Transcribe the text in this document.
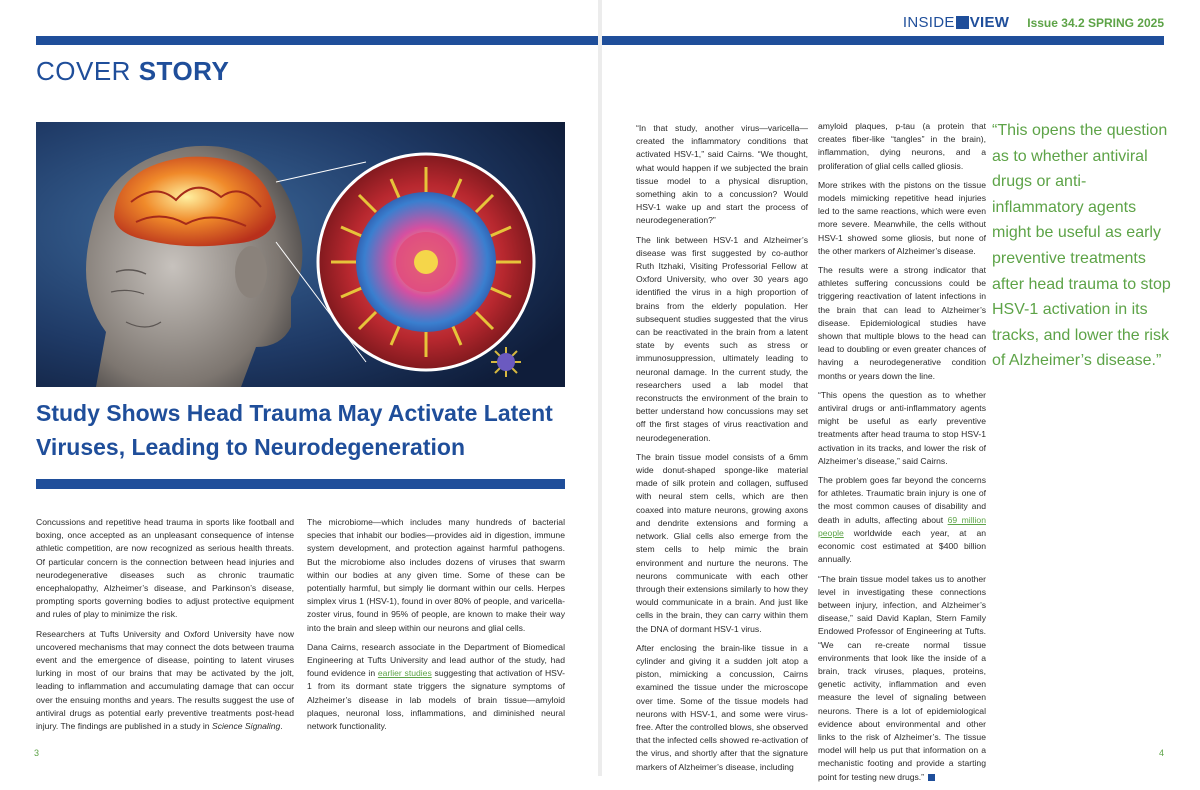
COVER STORY
Study Shows Head Trauma May Activate Latent Viruses, Leading to Neurodegeneration

Concussions and repetitive head trauma in sports like football and boxing, once accepted as an unpleasant consequence of intense athletic competition, are now recognized as serious health threats. Of particular concern is the connection between head injuries and neurodegenerative diseases such as chronic traumatic encephalopathy, Alzheimer’s disease, and Parkinson’s disease, prompting sports governing bodies to adjust protective equipment and rules of play to minimize the risk.

Researchers at Tufts University and Oxford University have now uncovered mechanisms that may connect the dots between trauma event and the emergence of disease, pointing to latent viruses lurking in most of our brains that may be activated by the jolt, leading to inflammation and accumulating damage that can occur over the ensuing months and years. The results suggest the use of antiviral drugs as potential early preventive treatments post-head injury. The findings are published in a study in Science Signaling.

The microbiome—which includes many hundreds of bacterial species that inhabit our bodies—provides aid in digestion, immune system development, and protection against harmful pathogens. But the microbiome also includes dozens of viruses that swarm within our bodies at any given time. Some of these can be potentially harmful, but simply lie dormant within our cells. Herpes simplex virus 1 (HSV-1), found in over 80% of people, and varicella-zoster virus, found in 95% of people, are known to make their way into the brain and sleep within our neurons and glial cells.

Dana Cairns, research associate in the Department of Biomedical Engineering at Tufts University and lead author of the study, had found evidence in earlier studies suggesting that activation of HSV-1 from its dormant state triggers the signature symptoms of Alzheimer’s disease in lab models of brain tissue—amyloid plaques, neuronal loss, inflammations, and diminished neural network functionality.

3
INSIDE VIEW Issue 34.2 SPRING 2025

“In that study, another virus—varicella—created the inflammatory conditions that activated HSV-1,” said Cairns. “We thought, what would happen if we subjected the brain tissue model to a physical disruption, something akin to a concussion? Would HSV-1 wake up and start the process of neurodegeneration?”

The link between HSV-1 and Alzheimer’s disease was first suggested by co-author Ruth Itzhaki, Visiting Professorial Fellow at Oxford University, who over 30 years ago identified the virus in a high proportion of brains from the elderly population. Her subsequent studies suggested that the virus can be reactivated in the brain from a latent state by events such as stress or immunosuppression, ultimately leading to neuronal damage. In the current study, the researchers used a lab model that reconstructs the environment of the brain to better understand how concussions may set off the first stages of virus reactivation and neurodegeneration.

The brain tissue model consists of a 6mm wide donut-shaped sponge-like material made of silk protein and collagen, suffused with neural stem cells, which are then coaxed into mature neurons, growing axons and dendrite extensions and forming a network. Glial cells also emerge from the stem cells to help mimic the brain environment and nurture the neurons. The neurons communicate with each other through their extensions similarly to how they would communicate in a brain. And just like cells in the brain, they can carry within them the DNA of dormant HSV-1 virus.

After enclosing the brain-like tissue in a cylinder and giving it a sudden jolt atop a piston, mimicking a concussion, Cairns examined the tissue under the microscope over time. Some of the tissue models had neurons with HSV-1, and some were virus-free. After the controlled blows, she observed that the infected cells showed re-activation of the virus, and shortly after that the signature markers of Alzheimer’s disease, including

amyloid plaques, p-tau (a protein that creates fiber-like “tangles” in the brain), inflammation, dying neurons, and a proliferation of glial cells called gliosis.

More strikes with the pistons on the tissue models mimicking repetitive head injuries led to the same reactions, which were even more severe. Meanwhile, the cells without HSV-1 showed some gliosis, but none of the other markers of Alzheimer’s disease.

The results were a strong indicator that athletes suffering concussions could be triggering reactivation of latent infections in the brain that can lead to Alzheimer’s disease. Epidemiological studies have shown that multiple blows to the head can lead to doubling or even greater chances of having a neurodegenerative condition months or years down the line.

“This opens the question as to whether antiviral drugs or anti-inflammatory agents might be useful as early preventive treatments after head trauma to stop HSV-1 activation in its tracks, and lower the risk of Alzheimer’s disease,” said Cairns.

The problem goes far beyond the concerns for athletes. Traumatic brain injury is one of the most common causes of disability and death in adults, affecting about 69 million people worldwide each year, at an economic cost estimated at $400 billion annually.

“The brain tissue model takes us to another level in investigating these connections between injury, infection, and Alzheimer’s disease,” said David Kaplan, Stern Family Endowed Professor of Engineering at Tufts. “We can re-create normal tissue environments that look like the inside of a brain, track viruses, plaques, proteins, genetic activity, inflammation and even measure the level of signaling between neurons. There is a lot of epidemiological evidence about environmental and other links to the risk of Alzheimer’s. The tissue model will help us put that information on a mechanistic footing and provide a starting point for testing new drugs.”

“This opens the question as to whether antiviral drugs or anti-inflammatory agents might be useful as early preventive treatments after head trauma to stop HSV-1 activation in its tracks, and lower the risk of Alzheimer’s disease.”
4
